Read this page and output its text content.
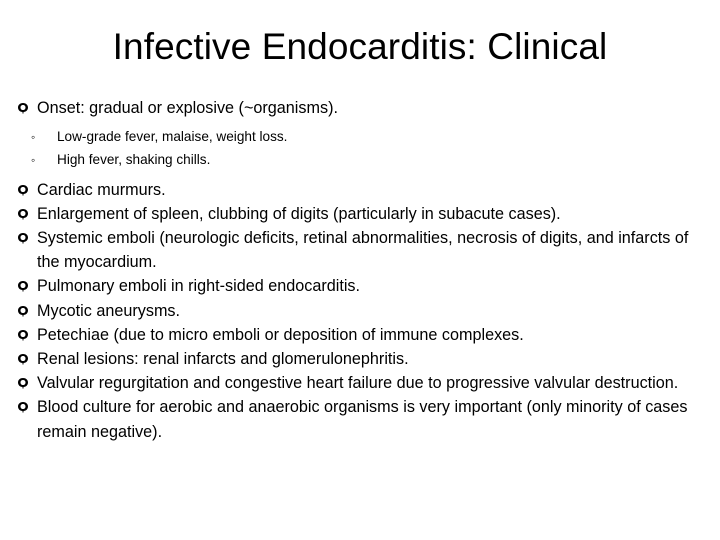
Infective Endocarditis: Clinical
Onset: gradual or explosive (~organisms).
◦ Low-grade fever, malaise, weight loss.
◦ High fever, shaking chills.
Cardiac murmurs.
Enlargement of spleen, clubbing of digits (particularly in subacute cases).
Systemic emboli (neurologic deficits, retinal abnormalities, necrosis of digits, and infarcts of the myocardium.
Pulmonary emboli in right-sided endocarditis.
Mycotic aneurysms.
Petechiae (due to micro emboli or deposition of immune complexes.
Renal lesions: renal infarcts and glomerulonephritis.
Valvular regurgitation and congestive heart failure due to progressive valvular destruction.
Blood culture for aerobic and anaerobic organisms is very important (only minority of cases remain negative).
